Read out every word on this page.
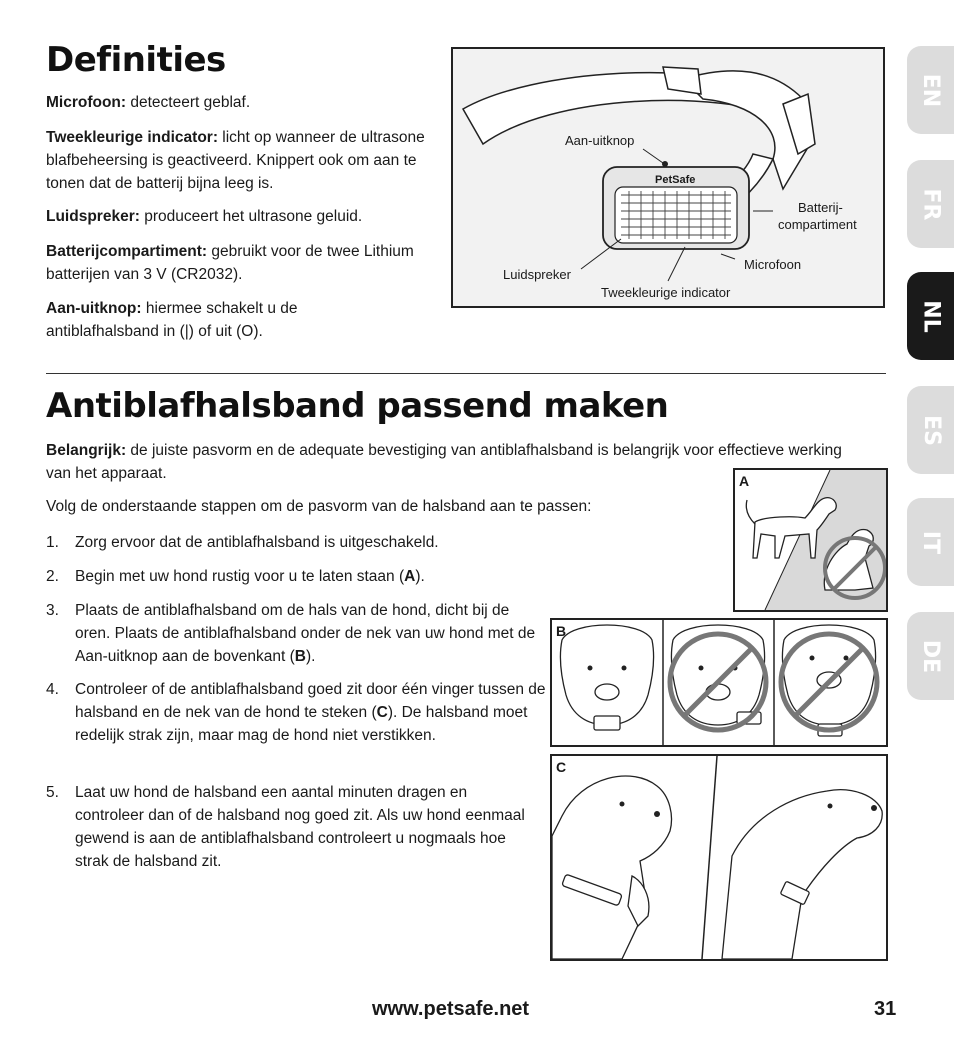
Definities
Microfoon: detecteert geblaf.
Tweekleurige indicator: licht op wanneer de ultrasone blafbeheersing is geactiveerd. Knippert ook om aan te tonen dat de batterij bijna leeg is.
Luidspreker: produceert het ultrasone geluid.
Batterijcompartiment: gebruikt voor de twee Lithium batterijen van 3 V (CR2032).
Aan-uitknop: hiermee schakelt u de antiblafhalsband in (|) of uit (O).
PetSafe
Aan-uitknop
Batterij-
compartiment
Microfoon
Luidspreker
Tweekleurige indicator
Antiblafhalsband passend maken
Belangrijk: de juiste pasvorm en de adequate bevestiging van antiblafhalsband is belangrijk voor effectieve werking van het apparaat.
Volg de onderstaande stappen om de pasvorm van de halsband aan te passen:
1.	Zorg ervoor dat de antiblafhalsband is uitgeschakeld.
2.	Begin met uw hond rustig voor u te laten staan (A).
3.	Plaats de antiblafhalsband om de hals van de hond, dicht bij de oren. Plaats de antiblafhalsband onder de nek van uw hond met de Aan-uitknop aan de bovenkant (B).
4.	Controleer of de antiblafhalsband goed zit door één vinger tussen de halsband en de nek van de hond te steken (C). De halsband moet redelijk strak zijn, maar mag de hond niet verstikken.
5.	Laat uw hond de halsband een aantal minuten dragen en controleer dan of de halsband nog goed zit. Als uw hond eenmaal gewend is aan de antiblafhalsband controleert u nogmaals hoe strak de halsband zit.
A
B
C
EN
FR
NL
ES
IT
DE
www.petsafe.net	31
